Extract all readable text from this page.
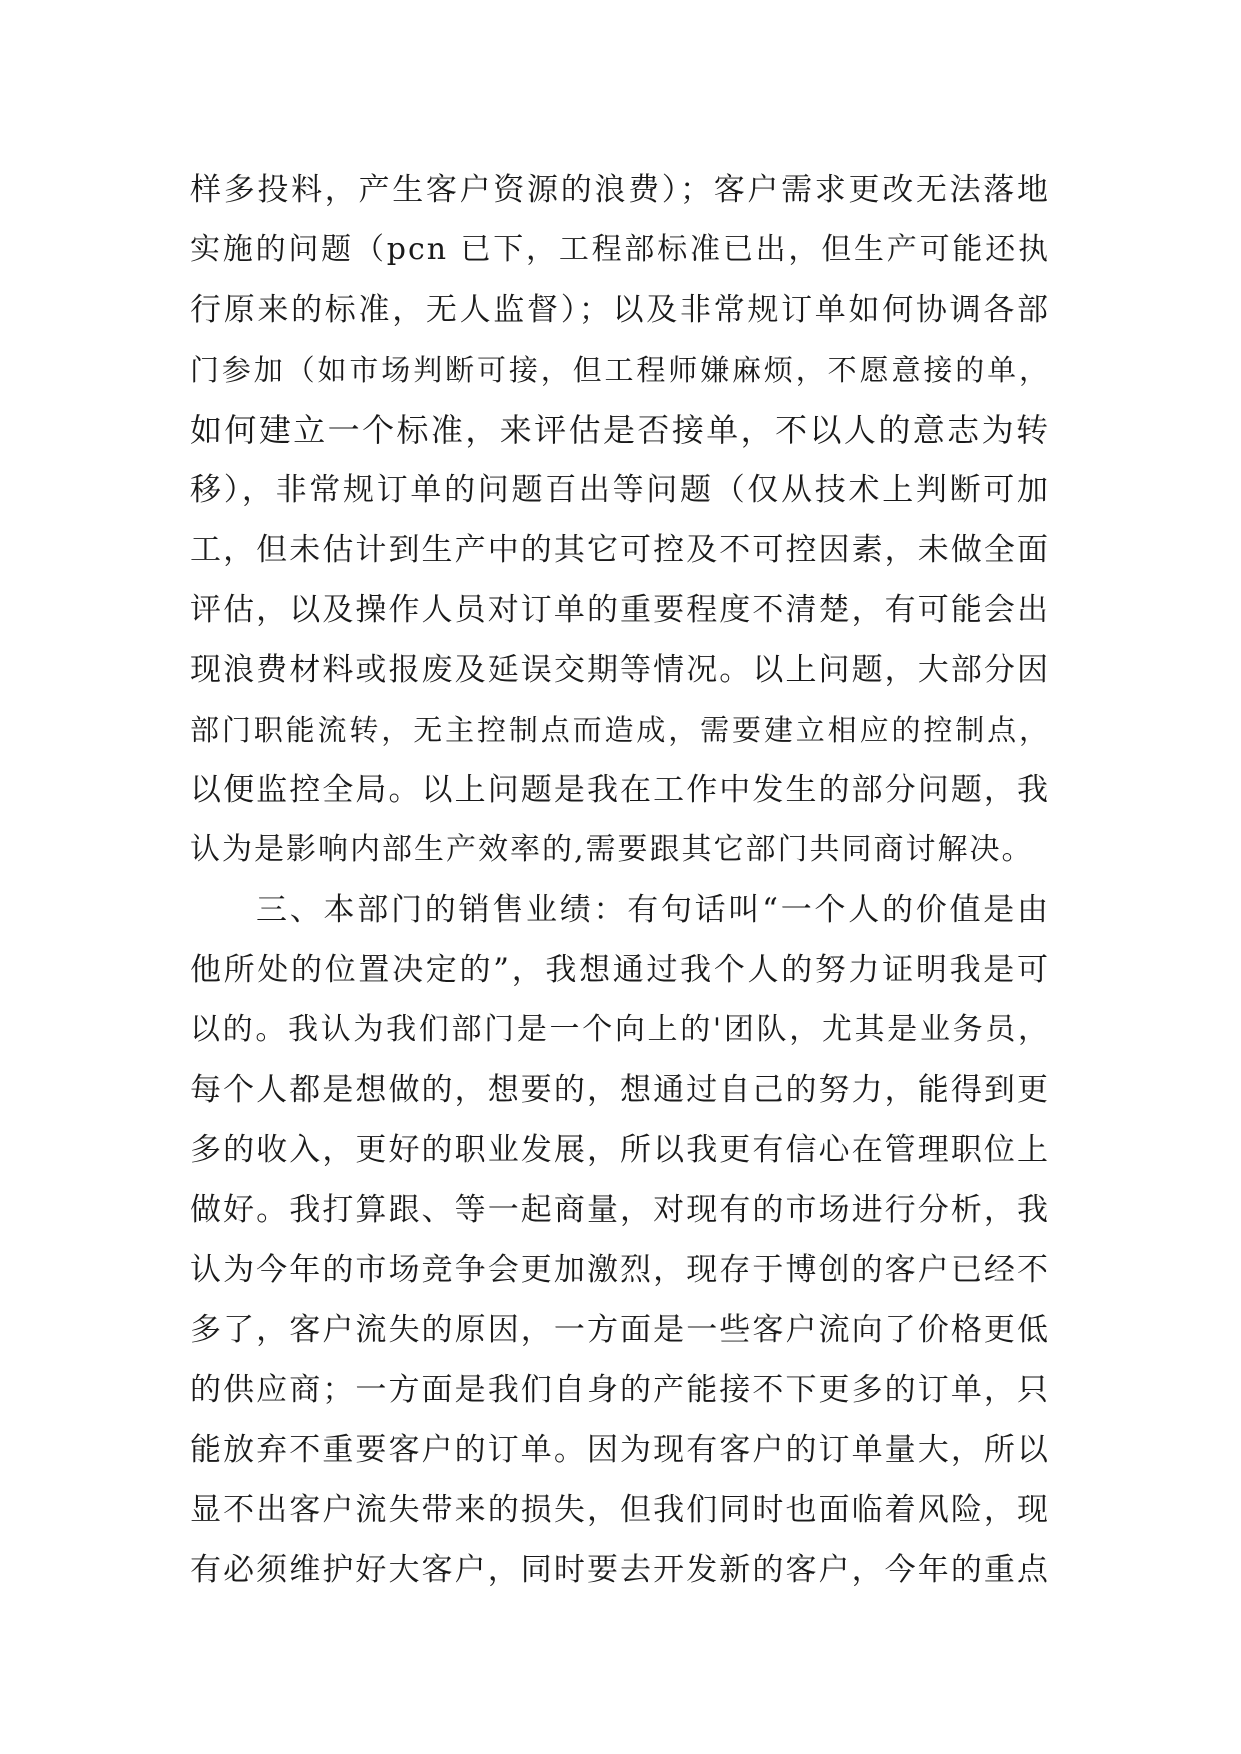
样多投料，产生客户资源的浪费）；客户需求更改无法落地
实施的问题（pcn 已下，工程部标准已出，但生产可能还执
行原来的标准，无人监督）；以及非常规订单如何协调各部
门参加（如市场判断可接，但工程师嫌麻烦，不愿意接的单，
如何建立一个标准，来评估是否接单，不以人的意志为转
移），非常规订单的问题百出等问题（仅从技术上判断可加
工，但未估计到生产中的其它可控及不可控因素，未做全面
评估，以及操作人员对订单的重要程度不清楚，有可能会出
现浪费材料或报废及延误交期等情况。以上问题，大部分因
部门职能流转，无主控制点而造成，需要建立相应的控制点，
以便监控全局。以上问题是我在工作中发生的部分问题，我
认为是影响内部生产效率的,需要跟其它部门共同商讨解决。
三、本部门的销售业绩：有句话叫“一个人的价值是由
他所处的位置决定的”，我想通过我个人的努力证明我是可
以的。我认为我们部门是一个向上的'团队，尤其是业务员，
每个人都是想做的，想要的，想通过自己的努力，能得到更
多的收入，更好的职业发展，所以我更有信心在管理职位上
做好。我打算跟、等一起商量，对现有的市场进行分析，我
认为今年的市场竞争会更加激烈，现存于博创的客户已经不
多了，客户流失的原因，一方面是一些客户流向了价格更低
的供应商；一方面是我们自身的产能接不下更多的订单，只
能放弃不重要客户的订单。因为现有客户的订单量大，所以
显不出客户流失带来的损失，但我们同时也面临着风险，现
有必须维护好大客户，同时要去开发新的客户，今年的重点
